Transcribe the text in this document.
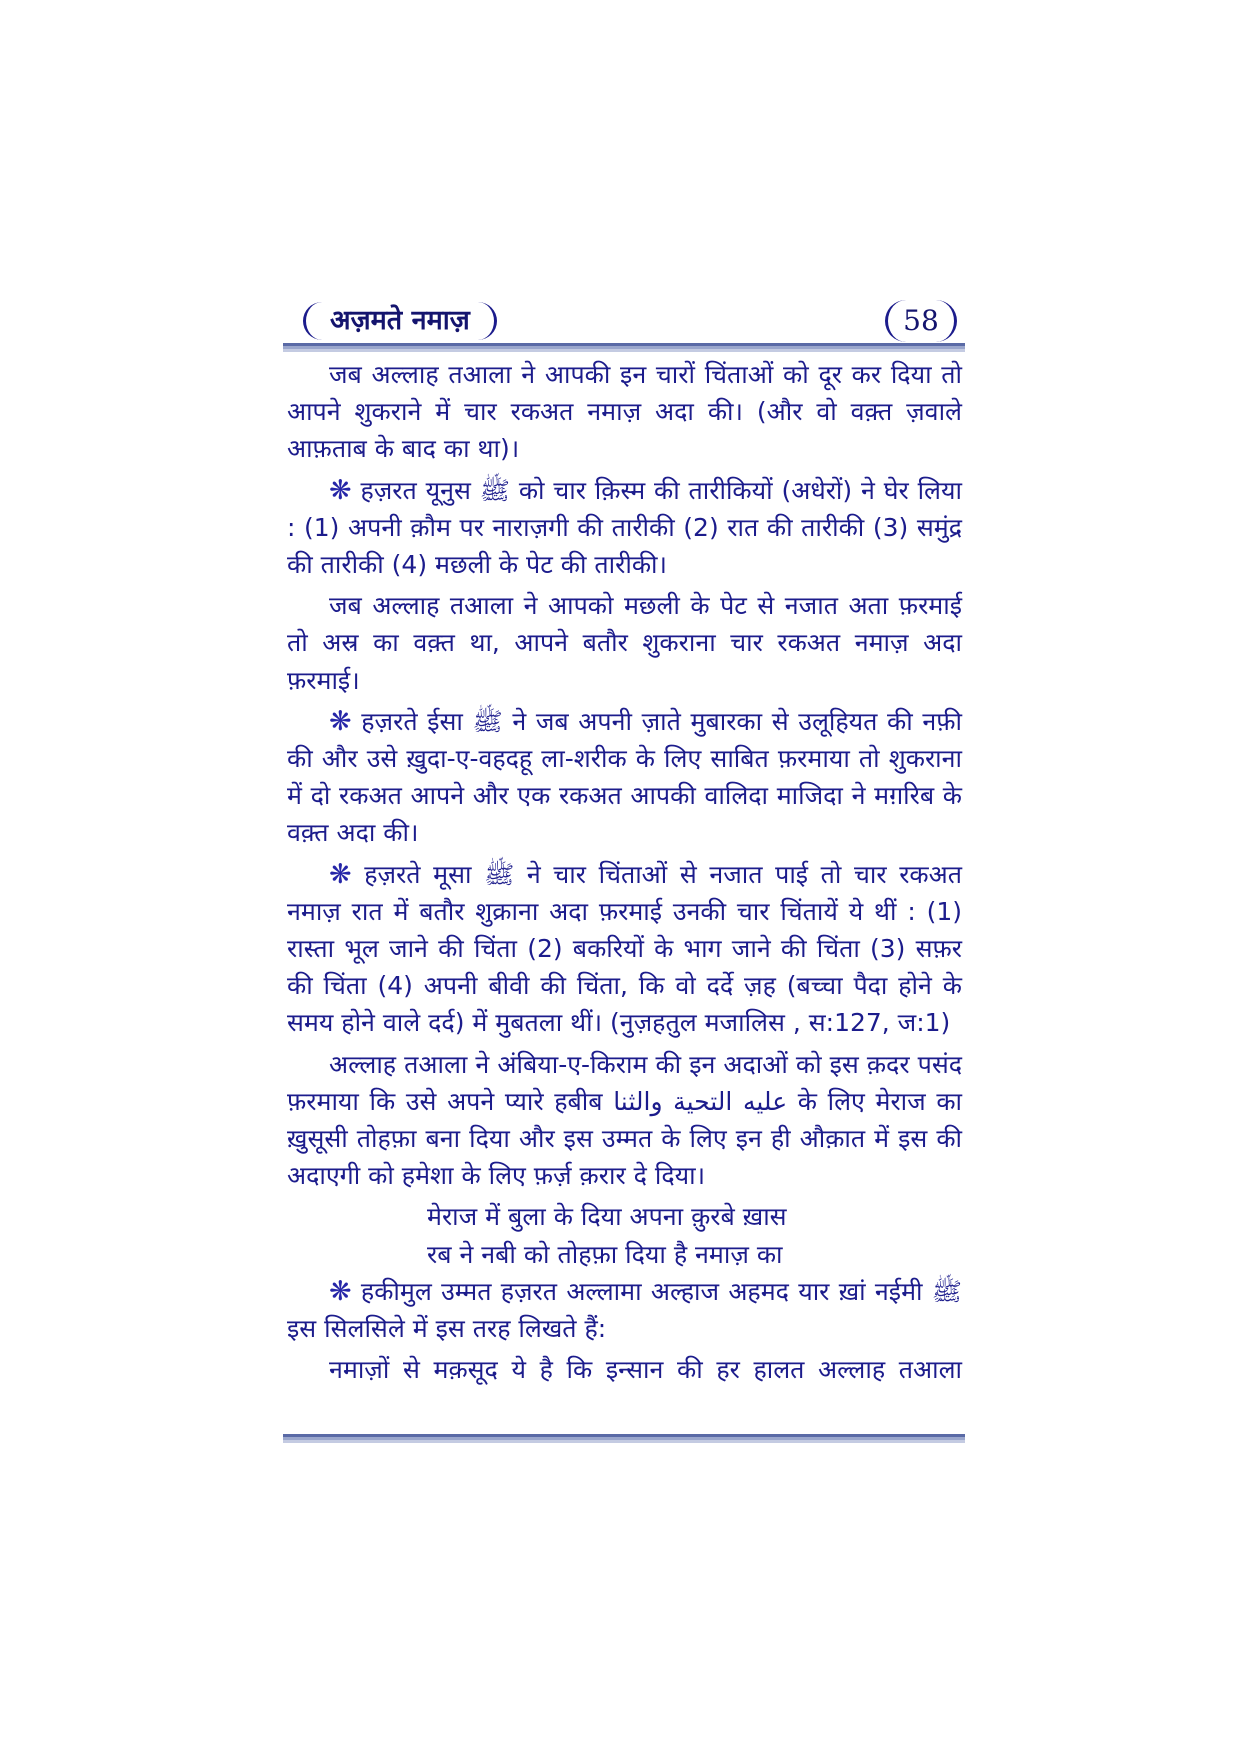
अज़मते नमाज़	58

जब अल्लाह तआला ने आपकी इन चारों चिंताओं को दूर कर दिया तो आपने शुकराने में चार रकअत नमाज़ अदा की। (और वो वक़्त ज़वाले आफ़ताब के बाद का था)।

❋ हज़रत यूनुस ﷺ को चार क़िस्म की तारीकियों (अधेरों) ने घेर लिया : (1) अपनी क़ौम पर नाराज़गी की तारीकी (2) रात की तारीकी (3) समुंद्र की तारीकी (4) मछली के पेट की तारीकी।

जब अल्लाह तआला ने आपको मछली के पेट से नजात अता फ़रमाई तो अस्र का वक़्त था, आपने बतौर शुकराना चार रकअत नमाज़ अदा फ़रमाई।

❋ हज़रते ईसा ﷺ ने जब अपनी ज़ाते मुबारका से उलूहियत की नफ़ी की और उसे ख़ुदा-ए-वहदहू ला-शरीक के लिए साबित फ़रमाया तो शुकराना में दो रकअत आपने और एक रकअत आपकी वालिदा माजिदा ने मग़रिब के वक़्त अदा की।

❋ हज़रते मूसा ﷺ ने चार चिंताओं से नजात पाई तो चार रकअत नमाज़ रात में बतौर शुक्राना अदा फ़रमाई उनकी चार चिंतायें ये थीं : (1) रास्ता भूल जाने की चिंता (2) बकरियों के भाग जाने की चिंता (3) सफ़र की चिंता (4) अपनी बीवी की चिंता, कि वो दर्दे ज़ह (बच्चा पैदा होने के समय होने वाले दर्द) में मुबतला थीं। (नुज़हतुल मजालिस , स:127, ज:1)

अल्लाह तआला ने अंबिया-ए-किराम की इन अदाओं को इस क़दर पसंद फ़रमाया कि उसे अपने प्यारे हबीब عليه التحية والثنا के लिए मेराज का ख़ुसूसी तोहफ़ा बना दिया और इस उम्मत के लिए इन ही औक़ात में इस की अदाएगी को हमेशा के लिए फ़र्ज़ क़रार दे दिया।

मेराज में बुला के दिया अपना क़ुरबे ख़ास

रब ने नबी को तोहफ़ा दिया है नमाज़ का

❋ हकीमुल उम्मत हज़रत अल्लामा अल्हाज अहमद यार ख़ां नईमी ﷺ इस सिलसिले में इस तरह लिखते हैं:

नमाज़ों से मक़सूद ये है कि इन्सान की हर हालत अल्लाह तआला
